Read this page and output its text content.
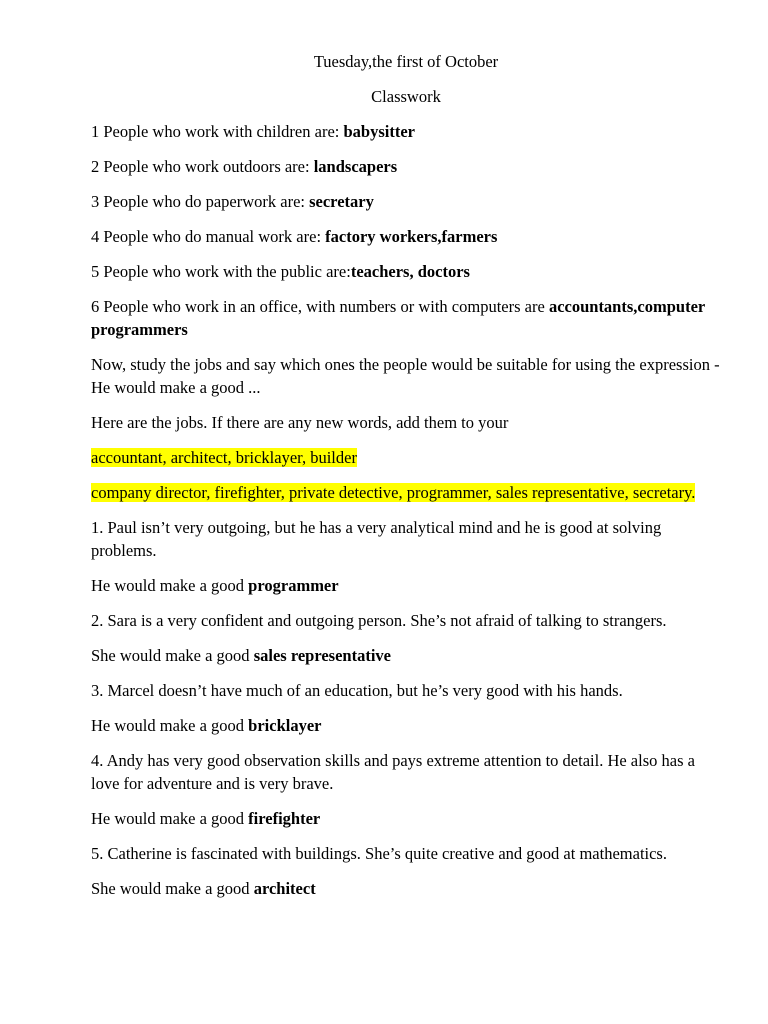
Tuesday,the first of October

Classwork

1 People who work with children are: babysitter

2 People who work outdoors are: landscapers

3 People who do paperwork are: secretary

4 People who do manual work are: factory workers,farmers

5 People who work with the public are:teachers, doctors

6 People who work in an office, with numbers or with computers are accountants,computer programmers

Now, study the jobs and say which ones the people would be suitable for using the expression - He would make a good ...

Here are the jobs. If there are any new words, add them to your

accountant, architect, bricklayer, builder

company director, firefighter, private detective, programmer, sales representative, secretary.

1. Paul isn’t very outgoing, but he has a very analytical mind and he is good at solving problems.

He would make a good programmer

2. Sara is a very confident and outgoing person. She’s not afraid of talking to strangers.

She would make a good sales representative

3. Marcel doesn’t have much of an education, but he’s very good with his hands.

He would make a good bricklayer

4. Andy has very good observation skills and pays extreme attention to detail. He also has a love for adventure and is very brave.

He would make a good firefighter

5. Catherine is fascinated with buildings. She’s quite creative and good at mathematics.

She would make a good architect
